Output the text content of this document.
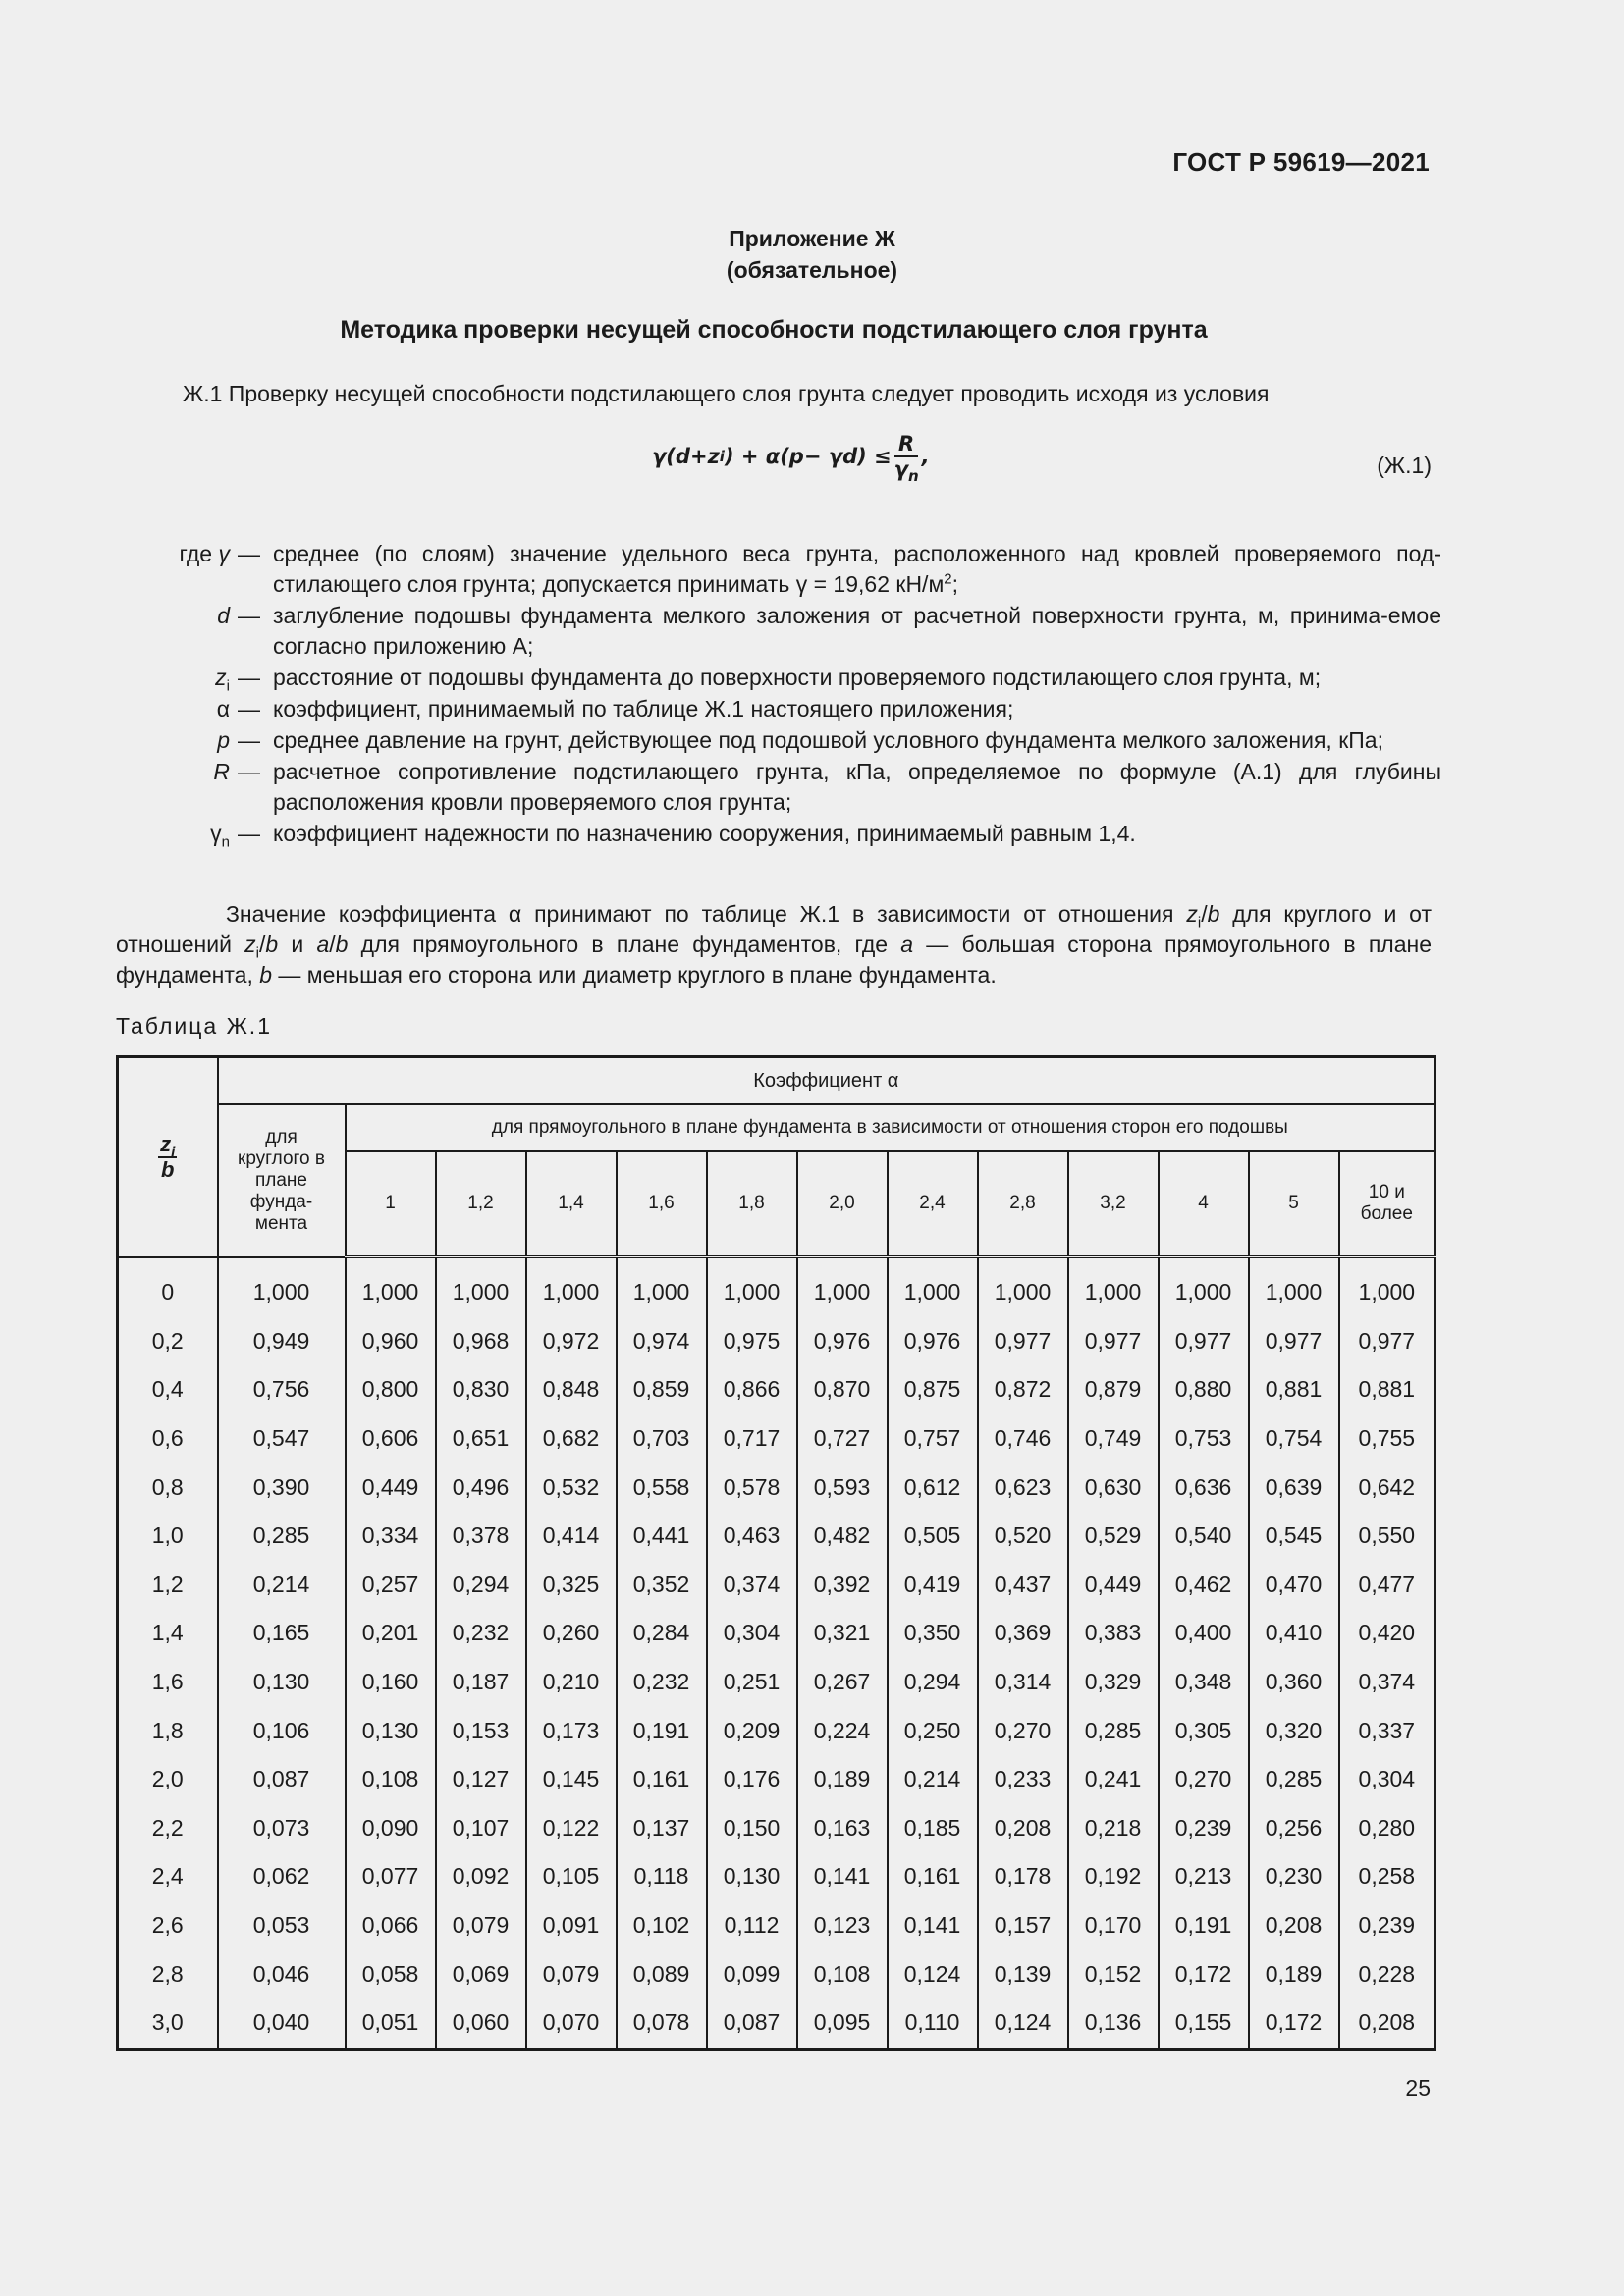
ГОСТ Р 59619—2021
Приложение Ж
(обязательное)
Методика проверки несущей способности подстилающего слоя грунта
Ж.1 Проверку несущей способности подстилающего слоя грунта следует проводить исходя из условия
γ( d + z i ) + α( p − γ d ) ≤ $\frac{R}{\gamma_n}$ ,	(Ж.1)
где γ — среднее (по слоям) значение удельного веса грунта, расположенного над кровлей проверяемого под-стилающего слоя грунта; допускается принимать γ = 19,62 $кН/м^2$;
d — заглубление подошвы фундамента мелкого заложения от расчетной поверхности грунта, м, принима-емое согласно приложению А;
$z_i$ — расстояние от подошвы фундамента до поверхности проверяемого подстилающего слоя грунта, м;
α — коэффициент, принимаемый по таблице Ж.1 настоящего приложения;
p — среднее давление на грунт, действующее под подошвой условного фундамента мелкого заложения, кПа;
R — расчетное сопротивление подстилающего грунта, кПа, определяемое по формуле (А.1) для глубины расположения кровли проверяемого слоя грунта;
$\gamma_n$ — коэффициент надежности по назначению сооружения, принимаемый равным 1,4.
Значение коэффициента α принимают по таблице Ж.1 в зависимости от отношения $z_i/b$ для круглого и от отношений $z_i/b$ и a/b для прямоугольного в плане фундаментов, где a — большая сторона прямоугольного в плане фундамента, b — меньшая его сторона или диаметр круглого в плане фундамента.
Таблица Ж.1
$\frac{z_i}{b}$	Коэффициент α												
	для круглого в плане фунда-мента	для прямоугольного в плане фундамента в зависимости от отношения сторон его подошвы											
		1	1,2	1,4	1,6	1,8	2,0	2,4	2,8	3,2	4	5	10 и более
0	1,000	1,000	1,000	1,000	1,000	1,000	1,000	1,000	1,000	1,000	1,000	1,000	1,000
0,2	0,949	0,960	0,968	0,972	0,974	0,975	0,976	0,976	0,977	0,977	0,977	0,977	0,977
0,4	0,756	0,800	0,830	0,848	0,859	0,866	0,870	0,875	0,872	0,879	0,880	0,881	0,881
0,6	0,547	0,606	0,651	0,682	0,703	0,717	0,727	0,757	0,746	0,749	0,753	0,754	0,755
0,8	0,390	0,449	0,496	0,532	0,558	0,578	0,593	0,612	0,623	0,630	0,636	0,639	0,642
1,0	0,285	0,334	0,378	0,414	0,441	0,463	0,482	0,505	0,520	0,529	0,540	0,545	0,550
1,2	0,214	0,257	0,294	0,325	0,352	0,374	0,392	0,419	0,437	0,449	0,462	0,470	0,477
1,4	0,165	0,201	0,232	0,260	0,284	0,304	0,321	0,350	0,369	0,383	0,400	0,410	0,420
1,6	0,130	0,160	0,187	0,210	0,232	0,251	0,267	0,294	0,314	0,329	0,348	0,360	0,374
1,8	0,106	0,130	0,153	0,173	0,191	0,209	0,224	0,250	0,270	0,285	0,305	0,320	0,337
2,0	0,087	0,108	0,127	0,145	0,161	0,176	0,189	0,214	0,233	0,241	0,270	0,285	0,304
2,2	0,073	0,090	0,107	0,122	0,137	0,150	0,163	0,185	0,208	0,218	0,239	0,256	0,280
2,4	0,062	0,077	0,092	0,105	0,118	0,130	0,141	0,161	0,178	0,192	0,213	0,230	0,258
2,6	0,053	0,066	0,079	0,091	0,102	0,112	0,123	0,141	0,157	0,170	0,191	0,208	0,239
2,8	0,046	0,058	0,069	0,079	0,089	0,099	0,108	0,124	0,139	0,152	0,172	0,189	0,228
3,0	0,040	0,051	0,060	0,070	0,078	0,087	0,095	0,110	0,124	0,136	0,155	0,172	0,208
25
